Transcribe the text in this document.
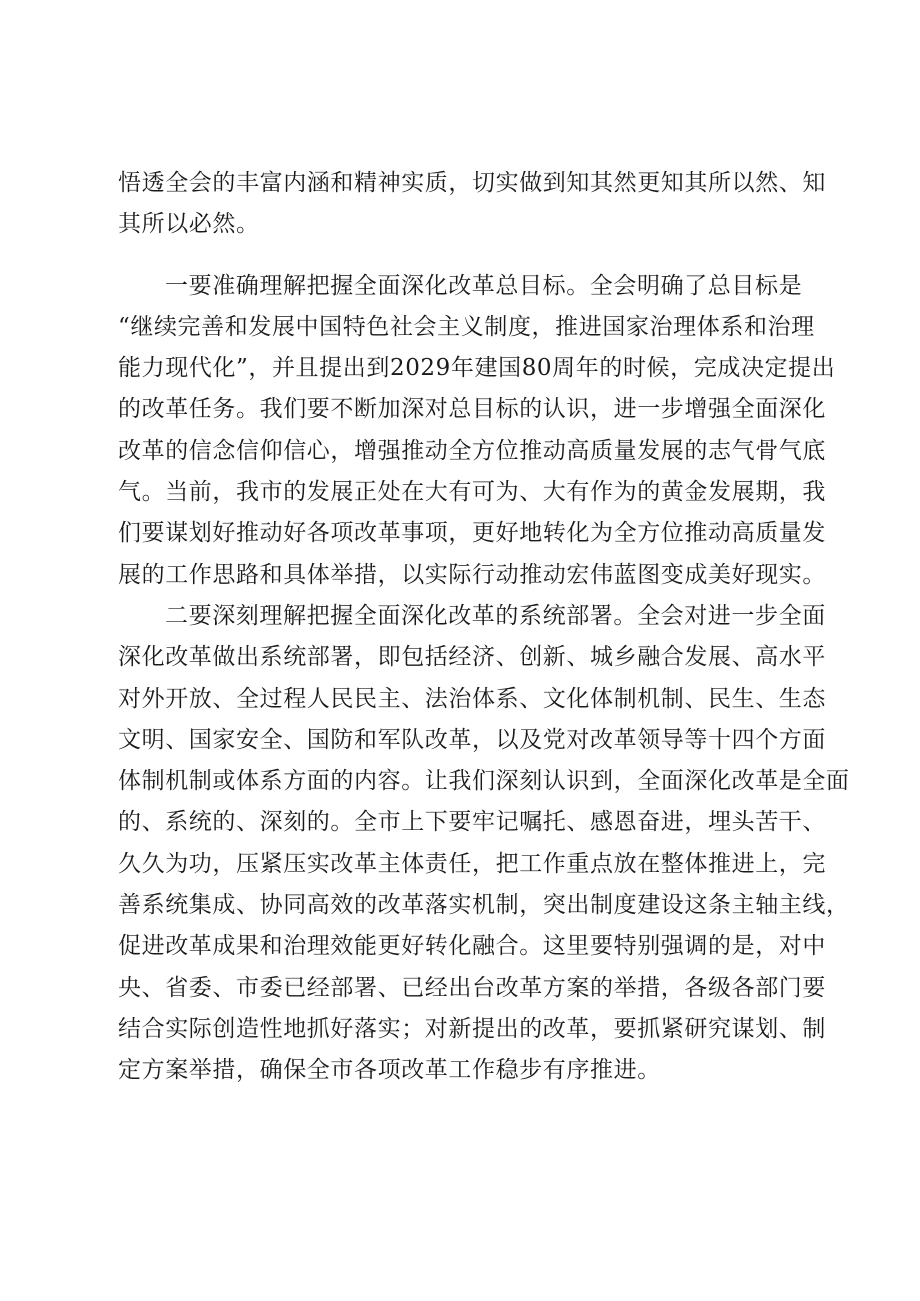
悟透全会的丰富内涵和精神实质，切实做到知其然更知其所以然、知
其所以必然。
一要准确理解把握全面深化改革总目标。全会明确了总目标是
“继续完善和发展中国特色社会主义制度，推进国家治理体系和治理
能力现代化”，并且提出到2029年建国80周年的时候，完成决定提出
的改革任务。我们要不断加深对总目标的认识，进一步增强全面深化
改革的信念信仰信心，增强推动全方位推动高质量发展的志气骨气底
气。当前，我市的发展正处在大有可为、大有作为的黄金发展期，我
们要谋划好推动好各项改革事项，更好地转化为全方位推动高质量发
展的工作思路和具体举措，以实际行动推动宏伟蓝图变成美好现实。
二要深刻理解把握全面深化改革的系统部署。全会对进一步全面
深化改革做出系统部署，即包括经济、创新、城乡融合发展、高水平
对外开放、全过程人民民主、法治体系、文化体制机制、民生、生态
文明、国家安全、国防和军队改革，以及党对改革领导等十四个方面
体制机制或体系方面的内容。让我们深刻认识到，全面深化改革是全面
的、系统的、深刻的。全市上下要牢记嘱托、感恩奋进，埋头苦干、
久久为功，压紧压实改革主体责任，把工作重点放在整体推进上，完
善系统集成、协同高效的改革落实机制，突出制度建设这条主轴主线，
促进改革成果和治理效能更好转化融合。这里要特别强调的是，对中
央、省委、市委已经部署、已经出台改革方案的举措，各级各部门要
结合实际创造性地抓好落实；对新提出的改革，要抓紧研究谋划、制
定方案举措，确保全市各项改革工作稳步有序推进。
